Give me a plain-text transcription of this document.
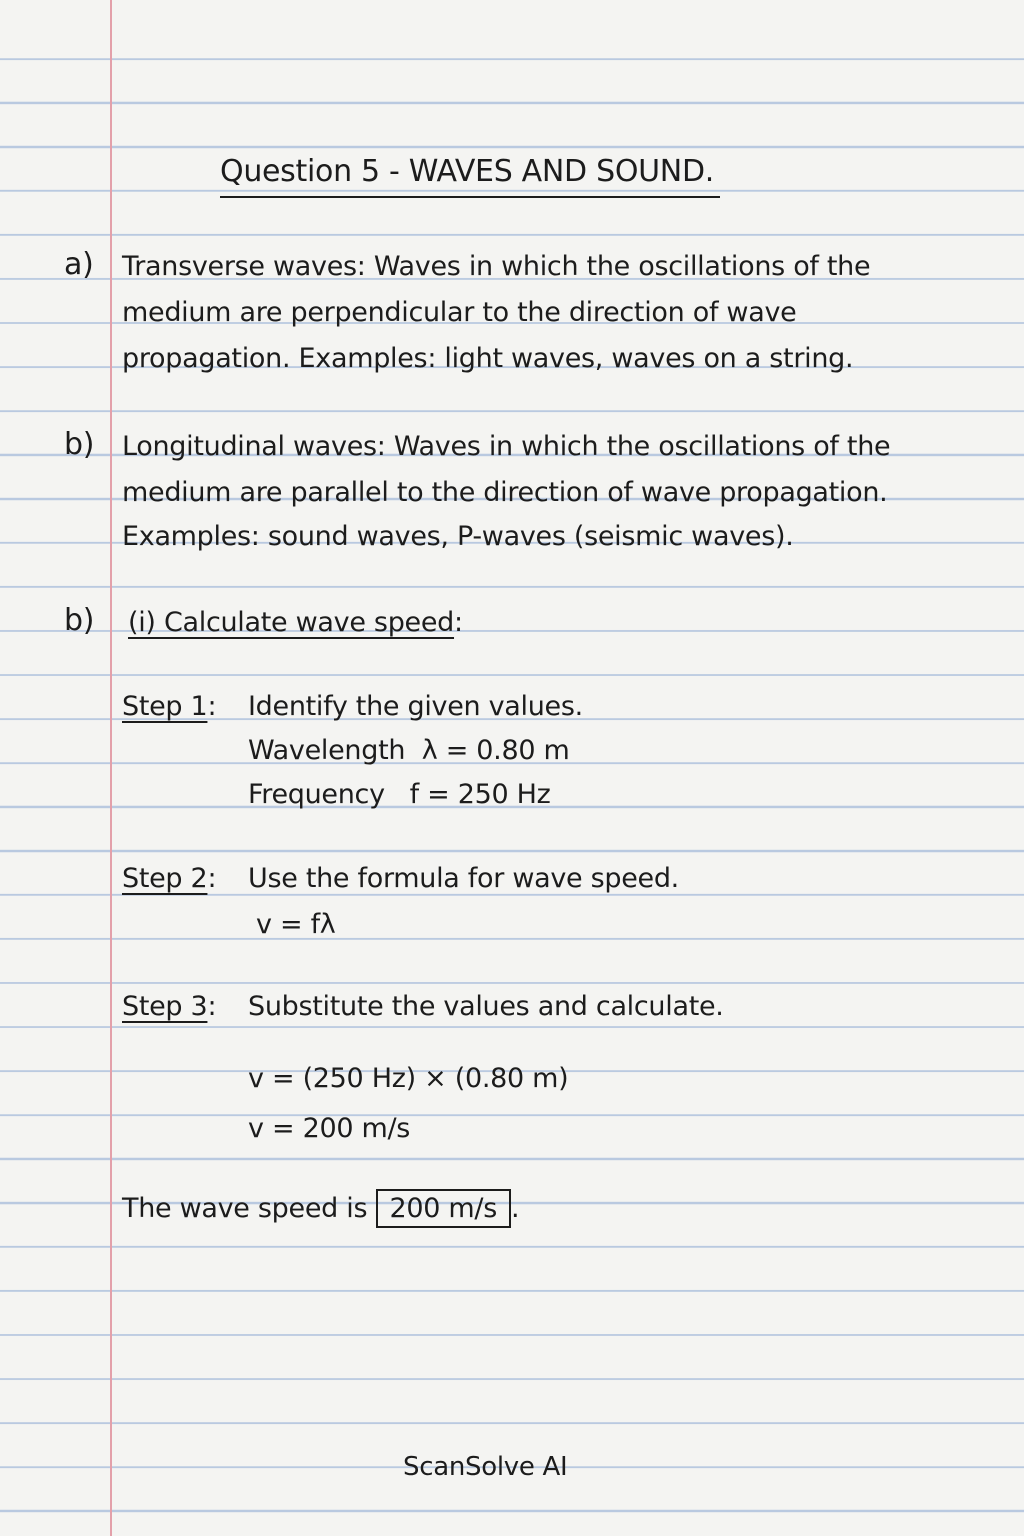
Question 5 - WAVES AND SOUND.
a) Transverse waves: Waves in which the oscillations of the
medium are perpendicular to the direction of wave
propagation. Examples: light waves, waves on a string.
b) Longitudinal waves: Waves in which the oscillations of the
medium are parallel to the direction of wave propagation.
Examples: sound waves, P-waves (seismic waves).
b) (i) Calculate wave speed:
Step 1: Identify the given values.
Wavelength  λ = 0.80 m
Frequency   f = 250 Hz
Step 2: Use the formula for wave speed.
v = fλ
Step 3: Substitute the values and calculate.
v = (250 Hz) × (0.80 m)
v = 200 m/s
The wave speed is 200 m/s .
ScanSolve AI
